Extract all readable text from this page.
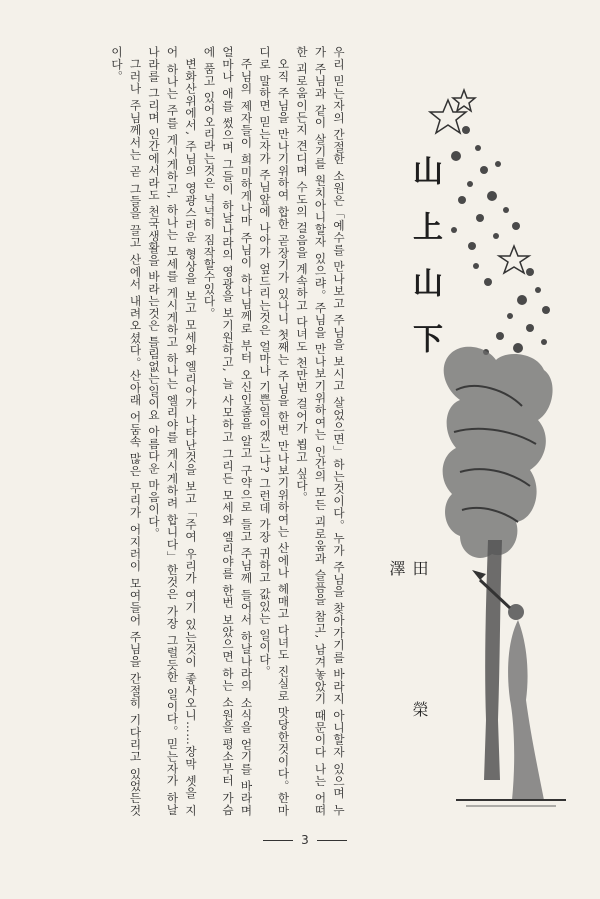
우리 믿는자의 간절한 소원은「예수를 만나보고 주님을 보시고 살었으면」하는것이다。누가 주님을 찾아가기를 바라지 아니할자 있으며 누가 주님과 같이 살기를 원치아니할자 있으랴。주님을 만나보기위하여는 인간의 모든 괴로움과 슬픔을 참고, 남겨놓았기 때문이다 나는 어떠한 괴로움이든지 견디며 수도의 걸음을 계속하고 다녀도 천만번 걸어가 뵙고 싶다。

오직 주님을 만나기위하여 합한 곧장기가 있나니 첫째는 주님을 한번 만나보기위하여는 산에나 헤매고 다녀도 진실로 맛당한것이다。한마디로 말하면 믿는자가 주님앞에 나아가 엎드리는것은 얼마나 기쁜일이겠느냐? 그런데 가장 귀하고 값있는 일이다。

주님의 제자들이 희미하게나마 주님이 하나님께로 부터 오신인줄을 알고 구약으로 들고 주님께 들어서 하날나라의 소식을 얻기를 바라며 얼마나 애를 썼으며 그들이 하날나라의 영광을 보기원하고, 늘 사모하고 그리든 모세와 엘리야를 한번 보았으면 하는 소원을 평소부터 가슴에 품고 있어오리라는것은 넉넉히 짐작할수있다。

변화산위에서, 주님의 영광스러운 형상을 보고 모세와 엘리아가 나타난것을 보고「주여 우리가 여기 있는것이 좋사오니……장막 셋을 지어 하나는 주를 게시게하고, 하나는 모세를 게시게하고 하나는 엘리야를 게시게하려 합니다」한것은 가장 그럴듯한 일이다。믿는자가 하날나라를 그리며 인간에서라도 천국생활을 바라는것은 틀림없는일이요 아름다운 마음이다。

그러나 주님께서는 곧 그들을 끌고 산에서 내려오셨다。산아래 어둠속 많은 무리가 어지러이 모여들어 주님을 간절히 기다리고 있었든것이다。

山上山下
田 榮 澤
3
